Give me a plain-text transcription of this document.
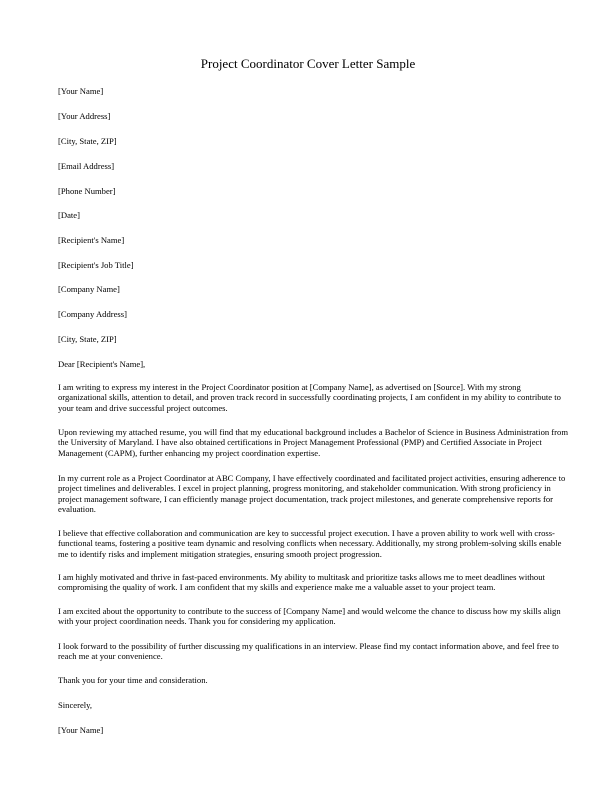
Project Coordinator Cover Letter Sample
[Your Name]
[Your Address]
[City, State, ZIP]
[Email Address]
[Phone Number]
[Date]
[Recipient's Name]
[Recipient's Job Title]
[Company Name]
[Company Address]
[City, State, ZIP]
Dear [Recipient's Name],
I am writing to express my interest in the Project Coordinator position at [Company Name], as advertised on [Source]. With my strong organizational skills, attention to detail, and proven track record in successfully coordinating projects, I am confident in my ability to contribute to your team and drive successful project outcomes.
Upon reviewing my attached resume, you will find that my educational background includes a Bachelor of Science in Business Administration from the University of Maryland. I have also obtained certifications in Project Management Professional (PMP) and Certified Associate in Project Management (CAPM), further enhancing my project coordination expertise.
In my current role as a Project Coordinator at ABC Company, I have effectively coordinated and facilitated project activities, ensuring adherence to project timelines and deliverables. I excel in project planning, progress monitoring, and stakeholder communication. With strong proficiency in project management software, I can efficiently manage project documentation, track project milestones, and generate comprehensive reports for evaluation.
I believe that effective collaboration and communication are key to successful project execution. I have a proven ability to work well with cross-functional teams, fostering a positive team dynamic and resolving conflicts when necessary. Additionally, my strong problem-solving skills enable me to identify risks and implement mitigation strategies, ensuring smooth project progression.
I am highly motivated and thrive in fast-paced environments. My ability to multitask and prioritize tasks allows me to meet deadlines without compromising the quality of work. I am confident that my skills and experience make me a valuable asset to your project team.
I am excited about the opportunity to contribute to the success of [Company Name] and would welcome the chance to discuss how my skills align with your project coordination needs. Thank you for considering my application.
I look forward to the possibility of further discussing my qualifications in an interview. Please find my contact information above, and feel free to reach me at your convenience.
Thank you for your time and consideration.
Sincerely,
[Your Name]
